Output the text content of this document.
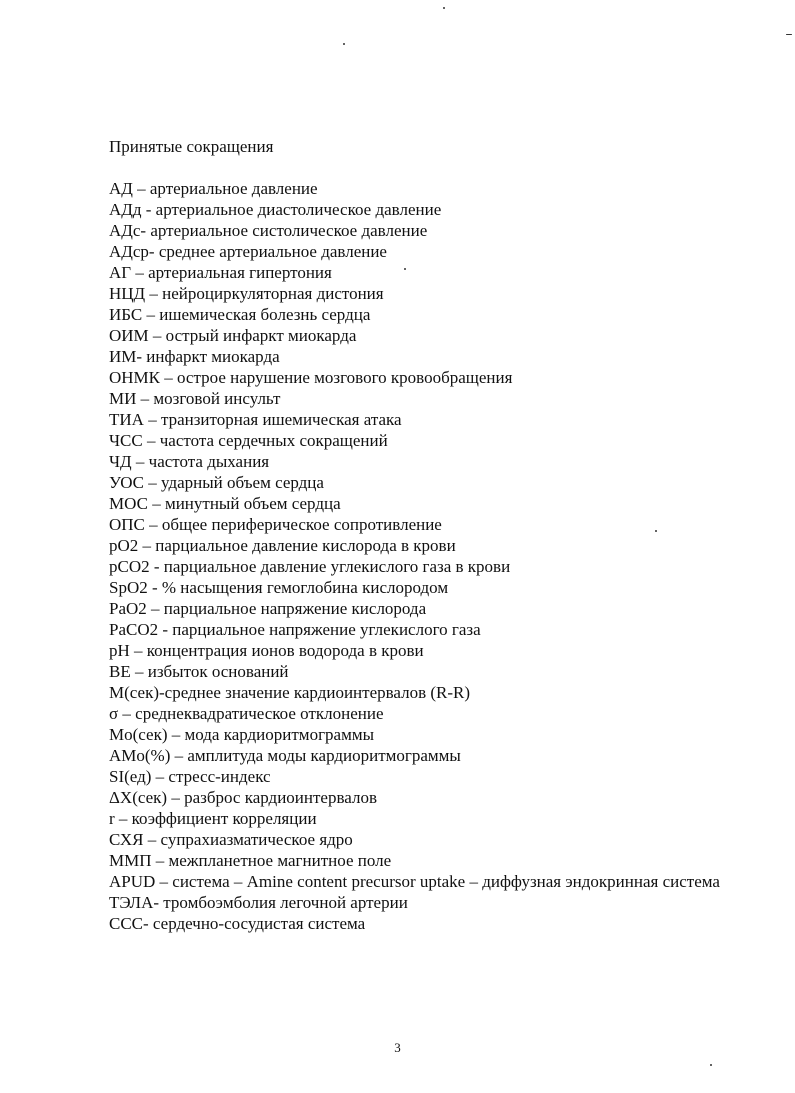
Принятые сокращения
АД – артериальное давление
АДд - артериальное диастолическое давление
АДс- артериальное систолическое давление
АДср- среднее артериальное давление
АГ – артериальная гипертония
НЦД – нейроциркуляторная дистония
ИБС – ишемическая болезнь сердца
ОИМ – острый инфаркт миокарда
ИМ- инфаркт миокарда
ОНМК – острое нарушение мозгового кровообращения
МИ – мозговой инсульт
ТИА – транзиторная ишемическая атака
ЧСС – частота сердечных сокращений
ЧД – частота дыхания
УОС – ударный объем сердца
МОС – минутный объем сердца
ОПС – общее периферическое сопротивление
рО2 – парциальное давление кислорода в крови
рСО2 - парциальное давление углекислого газа в крови
SpO2 - % насыщения гемоглобина кислородом
PaO2 – парциальное напряжение кислорода
PaCO2 - парциальное напряжение углекислого газа
pH – концентрация ионов водорода в крови
BE – избыток оснований
M(сек)-среднее значение кардиоинтервалов (R-R)
σ – среднеквадратическое отклонение
Mo(сек) – мода кардиоритмограммы
AMo(%) – амплитуда моды кардиоритмограммы
SI(ед) – стресс-индекс
ΔX(сек) – разброс кардиоинтервалов
r – коэффициент корреляции
СХЯ – супрахиазматическое ядро
ММП – межпланетное магнитное поле
APUD – система – Amine content precursor uptake – диффузная эндокринная система
ТЭЛА- тромбоэмболия легочной артерии
ССС- сердечно-сосудистая система
3
